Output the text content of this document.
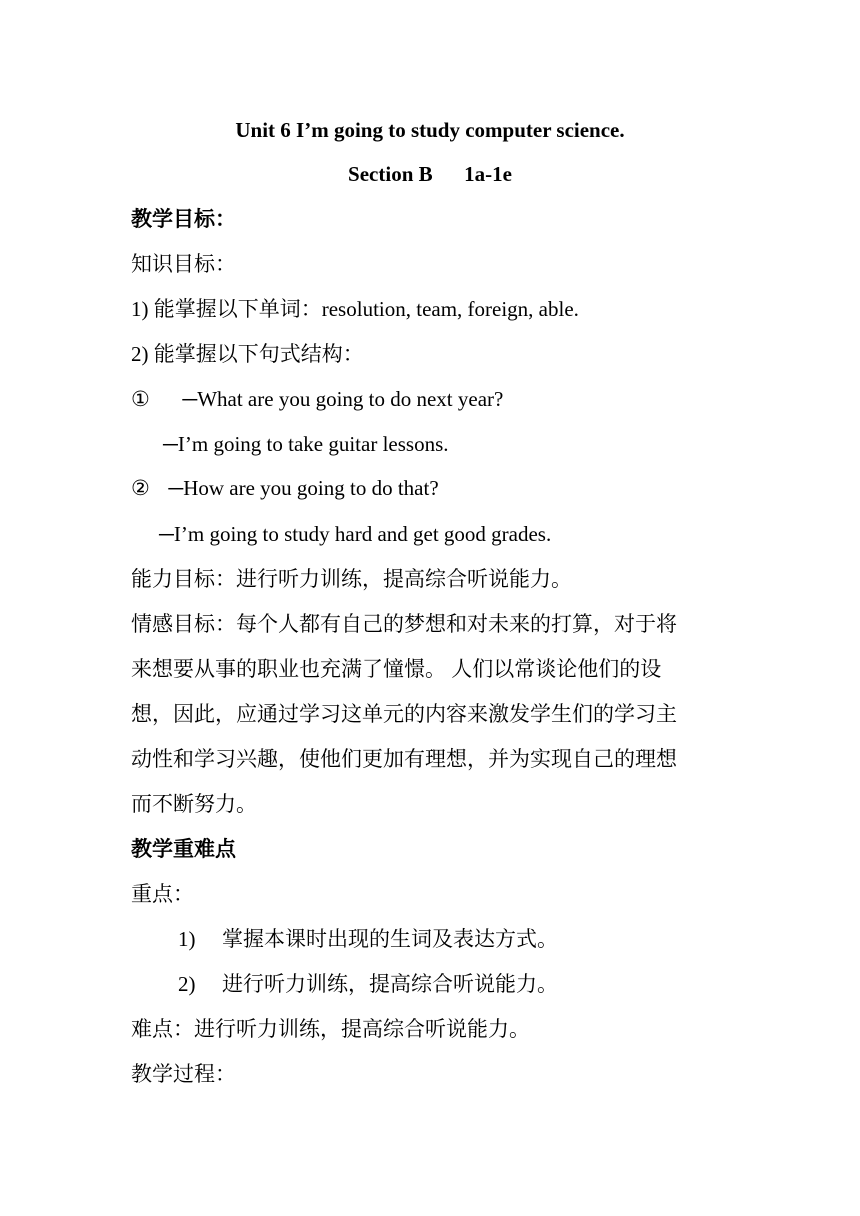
Unit 6 I’m going to study computer science.
Section B      1a-1e
教学目标：
知识目标：
1) 能掌握以下单词：resolution, team, foreign, able.
2) 能掌握以下句式结构：
① ─What are you going to do next year?
─I’m going to take guitar lessons.
② ─How are you going to do that?
─I’m going to study hard and get good grades.
能力目标：进行听力训练，提高综合听说能力。
情感目标：每个人都有自己的梦想和对未来的打算，对于将
来想要从事的职业也充满了憧憬。 人们以常谈论他们的设
想，因此，应通过学习这单元的内容来激发学生们的学习主
动性和学习兴趣，使他们更加有理想，并为实现自己的理想
而不断努力。
教学重难点
重点：
1) 掌握本课时出现的生词及表达方式。
2) 进行听力训练，提高综合听说能力。
难点：进行听力训练，提高综合听说能力。
教学过程：
